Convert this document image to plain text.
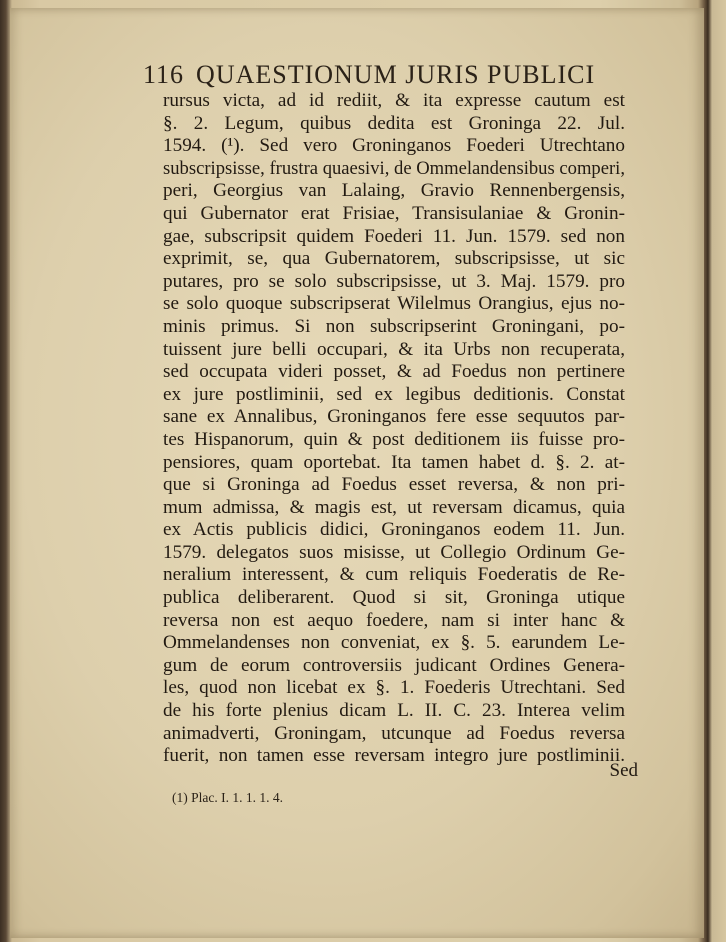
116 QUAESTIONUM JURIS PUBLICI
rursus victa, ad id rediit, & ita expresse cautum est
§. 2. Legum, quibus dedita est Groninga 22. Jul.
1594. (¹). Sed vero Groninganos Foederi Utrechtano
subscripsisse, frustra quaesivi, de Ommelandensibus comperi,
peri, Georgius van Lalaing, Gravio Rennenbergensis,
qui Gubernator erat Frisiae, Transisulaniae & Gronin-
gae, subscripsit quidem Foederi 11. Jun. 1579. sed non
exprimit, se, qua Gubernatorem, subscripsisse, ut sic
putares, pro se solo subscripsisse, ut 3. Maj. 1579. pro
se solo quoque subscripserat Wilelmus Orangius, ejus no-
minis primus. Si non subscripserint Groningani, po-
tuissent jure belli occupari, & ita Urbs non recuperata,
sed occupata videri posset, & ad Foedus non pertinere
ex jure postliminii, sed ex legibus deditionis. Constat
sane ex Annalibus, Groninganos fere esse sequutos par-
tes Hispanorum, quin & post deditionem iis fuisse pro-
pensiores, quam oportebat. Ita tamen habet d. §. 2. at-
que si Groninga ad Foedus esset reversa, & non pri-
mum admissa, & magis est, ut reversam dicamus, quia
ex Actis publicis didici, Groninganos eodem 11. Jun.
1579. delegatos suos misisse, ut Collegio Ordinum Ge-
neralium interessent, & cum reliquis Foederatis de Re-
publica deliberarent. Quod si sit, Groninga utique
reversa non est aequo foedere, nam si inter hanc &
Ommelandenses non conveniat, ex §. 5. earundem Le-
gum de eorum controversiis judicant Ordines Genera-
les, quod non licebat ex §. 1. Foederis Utrechtani. Sed
de his forte plenius dicam L. II. C. 23. Interea velim
animadverti, Groningam, utcunque ad Foedus reversa
fuerit, non tamen esse reversam integro jure postliminii.
Sed
(1) Plac. I. 1. 1. 1. 4.
